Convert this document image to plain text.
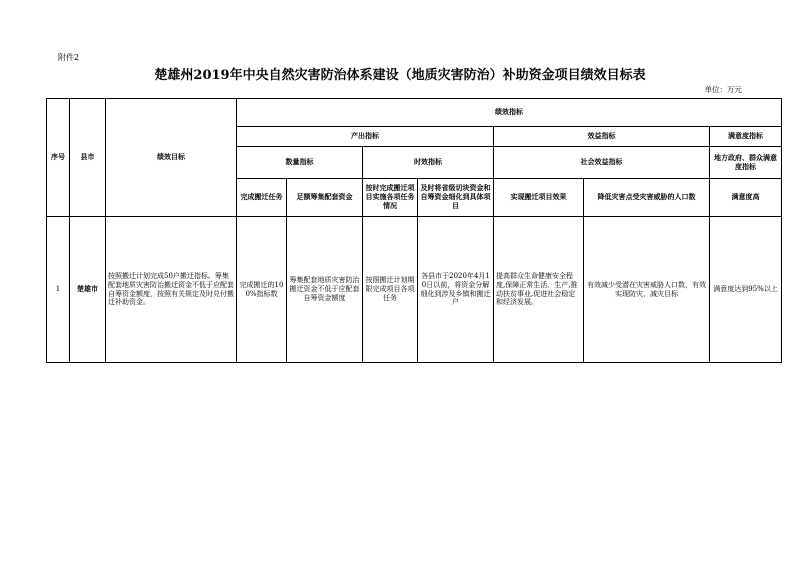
附件2
楚雄州2019年中央自然灾害防治体系建设（地质灾害防治）补助资金项目绩效目标表
单位：万元
序号	县市	绩效目标	绩效指标						
			产出指标				效益指标		满意度指标
			数量指标		时效指标		社会效益指标		地方政府、群众满意度指标
			完成搬迁任务	足额筹集配套资金	按时完成搬迁项目实施各项任务情况	及时将省级切块资金和自筹资金细化到具体项目	实现搬迁项目效果	降低灾害点受灾害威胁的人口数	满意度高
1	楚雄市	按照搬迁计划完成50户搬迁指标。筹集配套地质灾害防治搬迁资金不低于应配套自筹资金额度，按照有关规定及时兑付搬迁补助资金。	完成搬迁的100%指标数	筹集配套地质灾害防治搬迁资金不低于应配套自筹资金额度	按照搬迁计划期限完成项目各项任务	各县市于2020年4月10日以前，将资金分解细化到涉及乡镇和搬迁户	提高群众生命健康安全程度,保障正常生活、生产,推动扶贫事业,促进社会稳定和经济发展。	有效减少受潜在灾害威胁人口数，有效实现防灾、减灾目标	满意度达到95%以上
